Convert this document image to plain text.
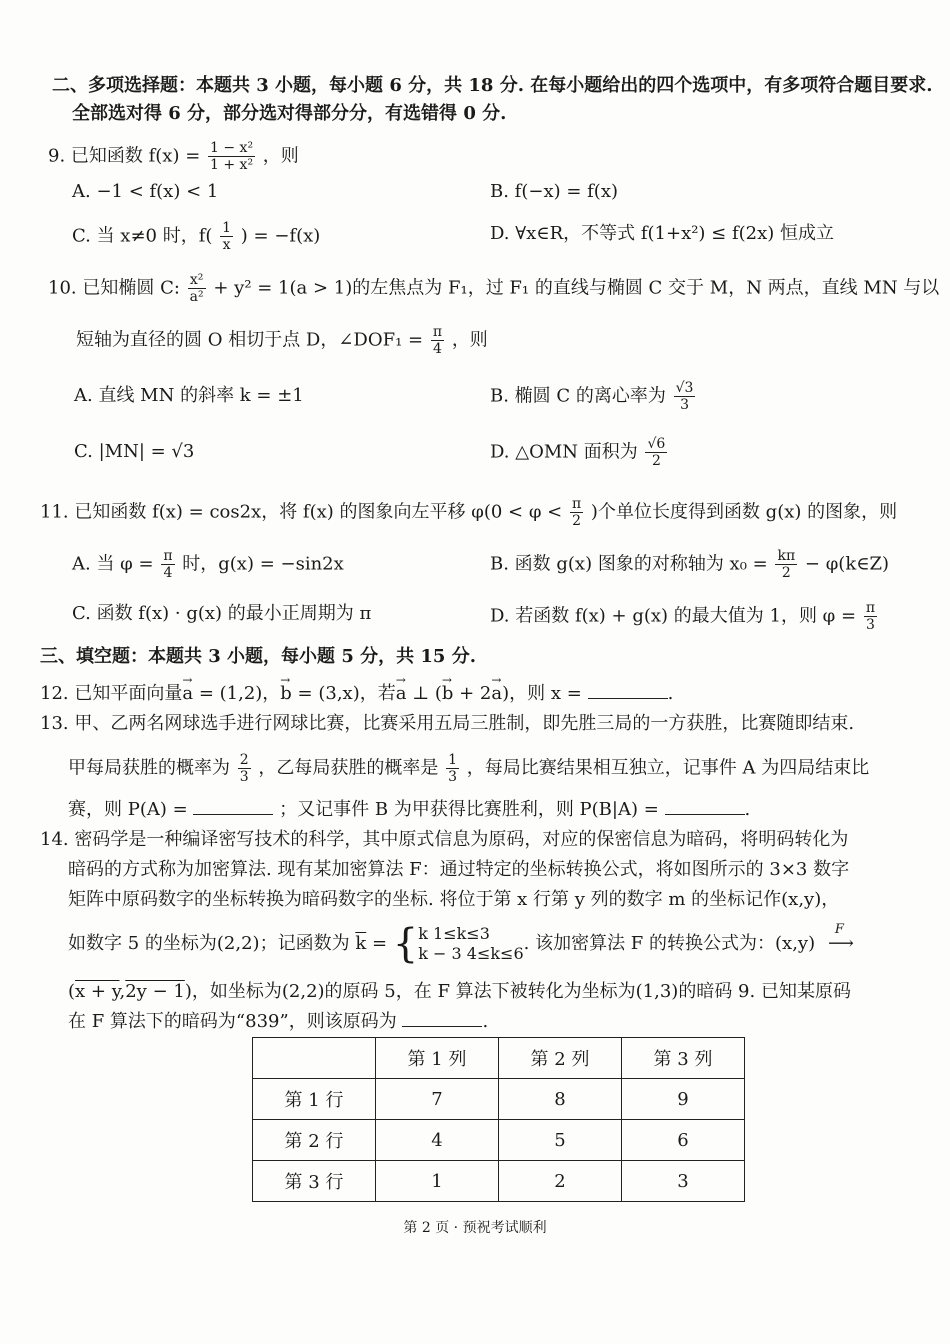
二、多项选择题：本题共 3 小题，每小题 6 分，共 18 分. 在每小题给出的四个选项中，有多项符合题目要求.
全部选对得 6 分，部分选对得部分分，有选错得 0 分.
9. 已知函数 $f(x) = \frac{\text{1 − x²}}{\text{1 + x²}}$ ，则
A. −1 < f(x) < 1	B. f(−x) = f(x)
C. 当 x≠0 时，$f( \frac{1}{x}$ ) = −f(x)	D. ∀x∈R，不等式 f(1+x²) ≤ f(2x) 恒成立
10. 已知椭圆 C: $\frac{\text{x²}}{\text{a²}} + y^2 = 1(a > 1)$的左焦点为 F₁，过 F₁ 的直线与椭圆 C 交于 M，N 两点，直线 MN 与以
短轴为直径的圆 O 相切于点 D，∠DOF₁ = $\frac{\pi}{4}$ ，则
A. 直线 MN 的斜率 k = ±1	B. 椭圆 C 的离心率为 $\frac{√3}{3}$
C. |MN| = √3	D. △OMN 面积为 $\frac{√6}{2}$
11. 已知函数 f(x) = cos2x，将 f(x) 的图象向左平移 $\varphi(0 < \varphi < \frac{\pi}{2}$ )个单位长度得到函数 g(x) 的图象，则
A. 当 $\varphi = \frac{\pi}{4}$ 时，g(x) = −sin2x	B. 函数 g(x) 图象的对称轴为 $x_0 = \frac{k\pi}{2}$ − φ(k∈Z)
C. 函数 f(x) · g(x) 的最小正周期为 π	D. 若函数 f(x) + g(x) 的最大值为 1，则 $\varphi = \frac{\pi}{3}$
三、填空题：本题共 3 小题，每小题 5 分，共 15 分.
12. 已知平面向量→ a = (1,2)，→ b = (3,x)，若→ a ⊥ (→ b + 2→ a)，则 x =	.
13. 甲、乙两名网球选手进行网球比赛，比赛采用五局三胜制，即先胜三局的一方获胜，比赛随即结束.
甲每局获胜的概率为 $\frac{2}{3}$ ，乙每局获胜的概率是 $\frac{1}{3}$ ，每局比赛结果相互独立，记事件 A 为四局结束比
赛，则 P(A) =	；又记事件 B 为甲获得比赛胜利，则 P(B|A) =	.
14. 密码学是一种编译密写技术的科学，其中原式信息为原码，对应的保密信息为暗码，将明码转化为
暗码的方式称为加密算法. 现有某加密算法 F：通过特定的坐标转换公式，将如图所示的 3×3 数字
矩阵中原码数字的坐标转换为暗码数字的坐标. 将位于第 x 行第 y 列的数字 m 的坐标记作(x,y)，
如数字 5 的坐标为(2,2)；记函数为 $\overline{k}$ = { k 1≤k≤3
k − 3 4≤k≤6 . 该加密算法 F 的转换公式为：(x,y)
F
⟶
(x + y,2y − 1)，如坐标为(2,2)的原码 5，在 F 算法下被转化为坐标为(1,3)的暗码 9. 已知某原码
在 F 算法下的暗码为“839”，则该原码为	.
	第 1 列	第 2 列	第 3 列
第 1 行	7	8	9
第 2 行	4	5	6
第 3 行	1	2	3
第 2 页 · 预祝考试顺利
